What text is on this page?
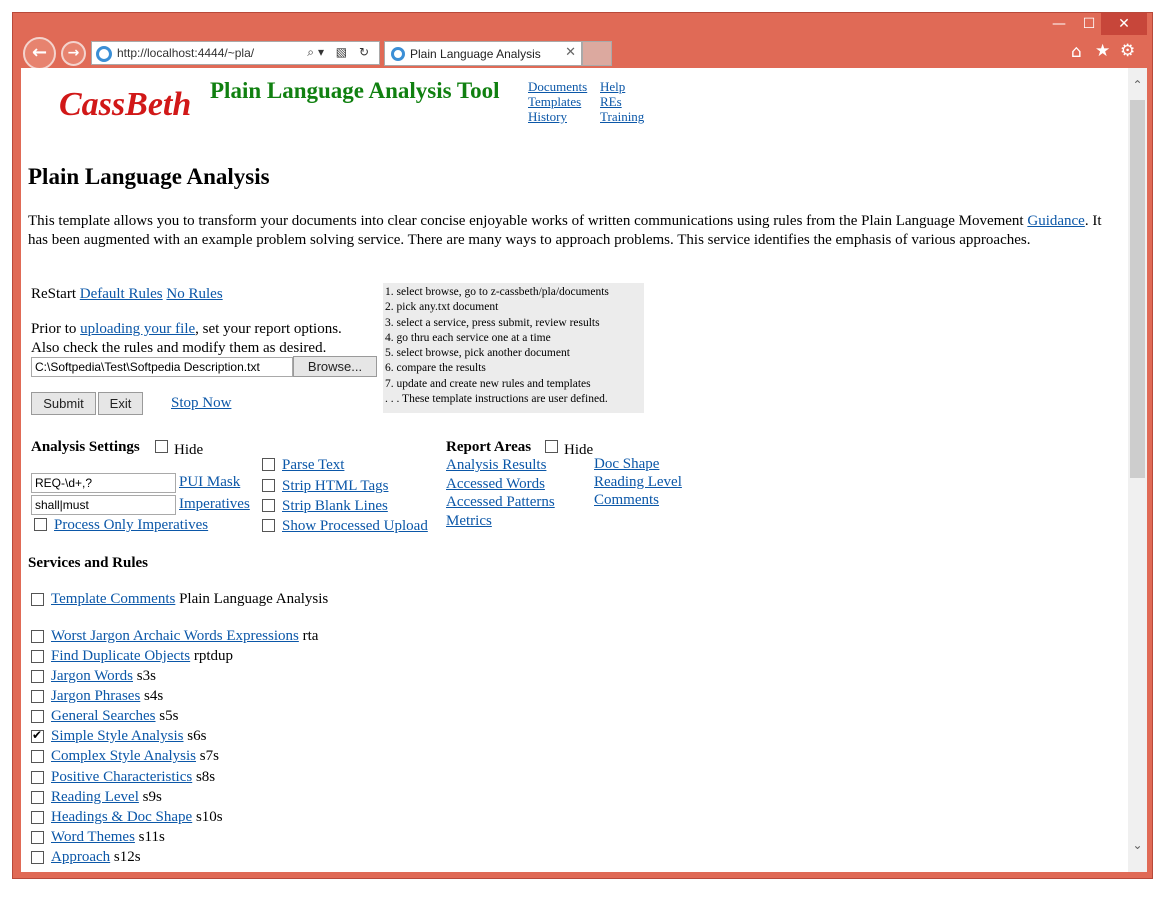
—	☐	✕
←	→	http://localhost:4444/~pla/	⌕▾ ▧ ↻	Plain Language Analysis ✕	⌂ ★ ⚙
CassBeth Plain Language Analysis Tool Documents
Templates
History
Help
REs
Training
Plain Language Analysis
This template allows you to transform your documents into clear concise enjoyable works of written communications using rules from the Plain Language Movement Guidance. It has been augmented with an example problem solving service. There are many ways to approach problems. This service identifies the emphasis of various approaches.
ReStart Default Rules No Rules
Prior to uploading your file, set your report options.
Also check the rules and modify them as desired.
C:\Softpedia\Test\Softpedia Description.txt	Browse...
Submit	Exit	Stop Now
1. select browse, go to z-cassbeth/pla/documents
2. pick any.txt document
3. select a service, press submit, review results
4. go thru each service one at a time
5. select browse, pick another document
6. compare the results
7. update and create new rules and templates
. . . These template instructions are user defined.
Analysis Settings Hide
REQ-\d+,?	PUI Mask
shall|must	Imperatives
Process Only Imperatives
Parse Text
Strip HTML Tags
Strip Blank Lines
Show Processed Upload
Report Areas Hide
Analysis Results
Accessed Words
Accessed Patterns
Metrics
Doc Shape
Reading Level
Comments
Services and Rules
Template Comments Plain Language Analysis
Worst Jargon Archaic Words Expressions rta
Find Duplicate Objects rptdup
Jargon Words s3s
Jargon Phrases s4s
General Searches s5s
✔
Simple Style Analysis s6s
Complex Style Analysis s7s
Positive Characteristics s8s
Reading Level s9s
Headings & Doc Shape s10s
Word Themes s11s
Approach s12s
⌃
⌄
